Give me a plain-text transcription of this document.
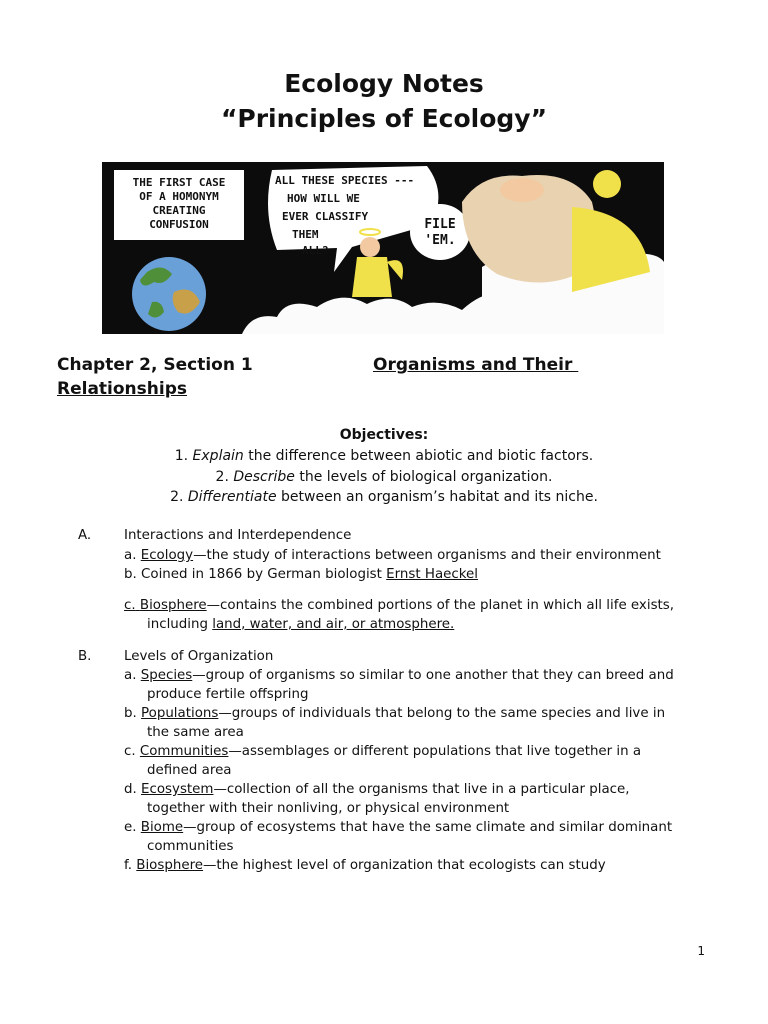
Ecology Notes
“Principles of Ecology”
THE FIRST CASE
OF A HOMONYM
CREATING
CONFUSION
ALL THESE SPECIES ---
HOW WILL WE
EVER CLASSIFY
THEM
ALL?
FILE
'EM.
Chapter 2, Section 1	Organisms and Their
Relationships
Objectives:
1. Explain the difference between abiotic and biotic factors.
2. Describe the levels of biological organization.
2. Differentiate between an organism’s habitat and its niche.
A. Interactions and Interdependence
a. Ecology—the study of interactions between organisms and their environment
b. Coined in 1866 by German biologist Ernst Haeckel
c. Biosphere—contains the combined portions of the planet in which all life exists,
including land, water, and air, or atmosphere.
B. Levels of Organization
a. Species—group of organisms so similar to one another that they can breed and
produce fertile offspring
b. Populations—groups of individuals that belong to the same species and live in
the same area
c. Communities—assemblages or different populations that live together in a
defined area
d. Ecosystem—collection of all the organisms that live in a particular place,
together with their nonliving, or physical environment
e. Biome—group of ecosystems that have the same climate and similar dominant
communities
f. Biosphere—the highest level of organization that ecologists can study
1
